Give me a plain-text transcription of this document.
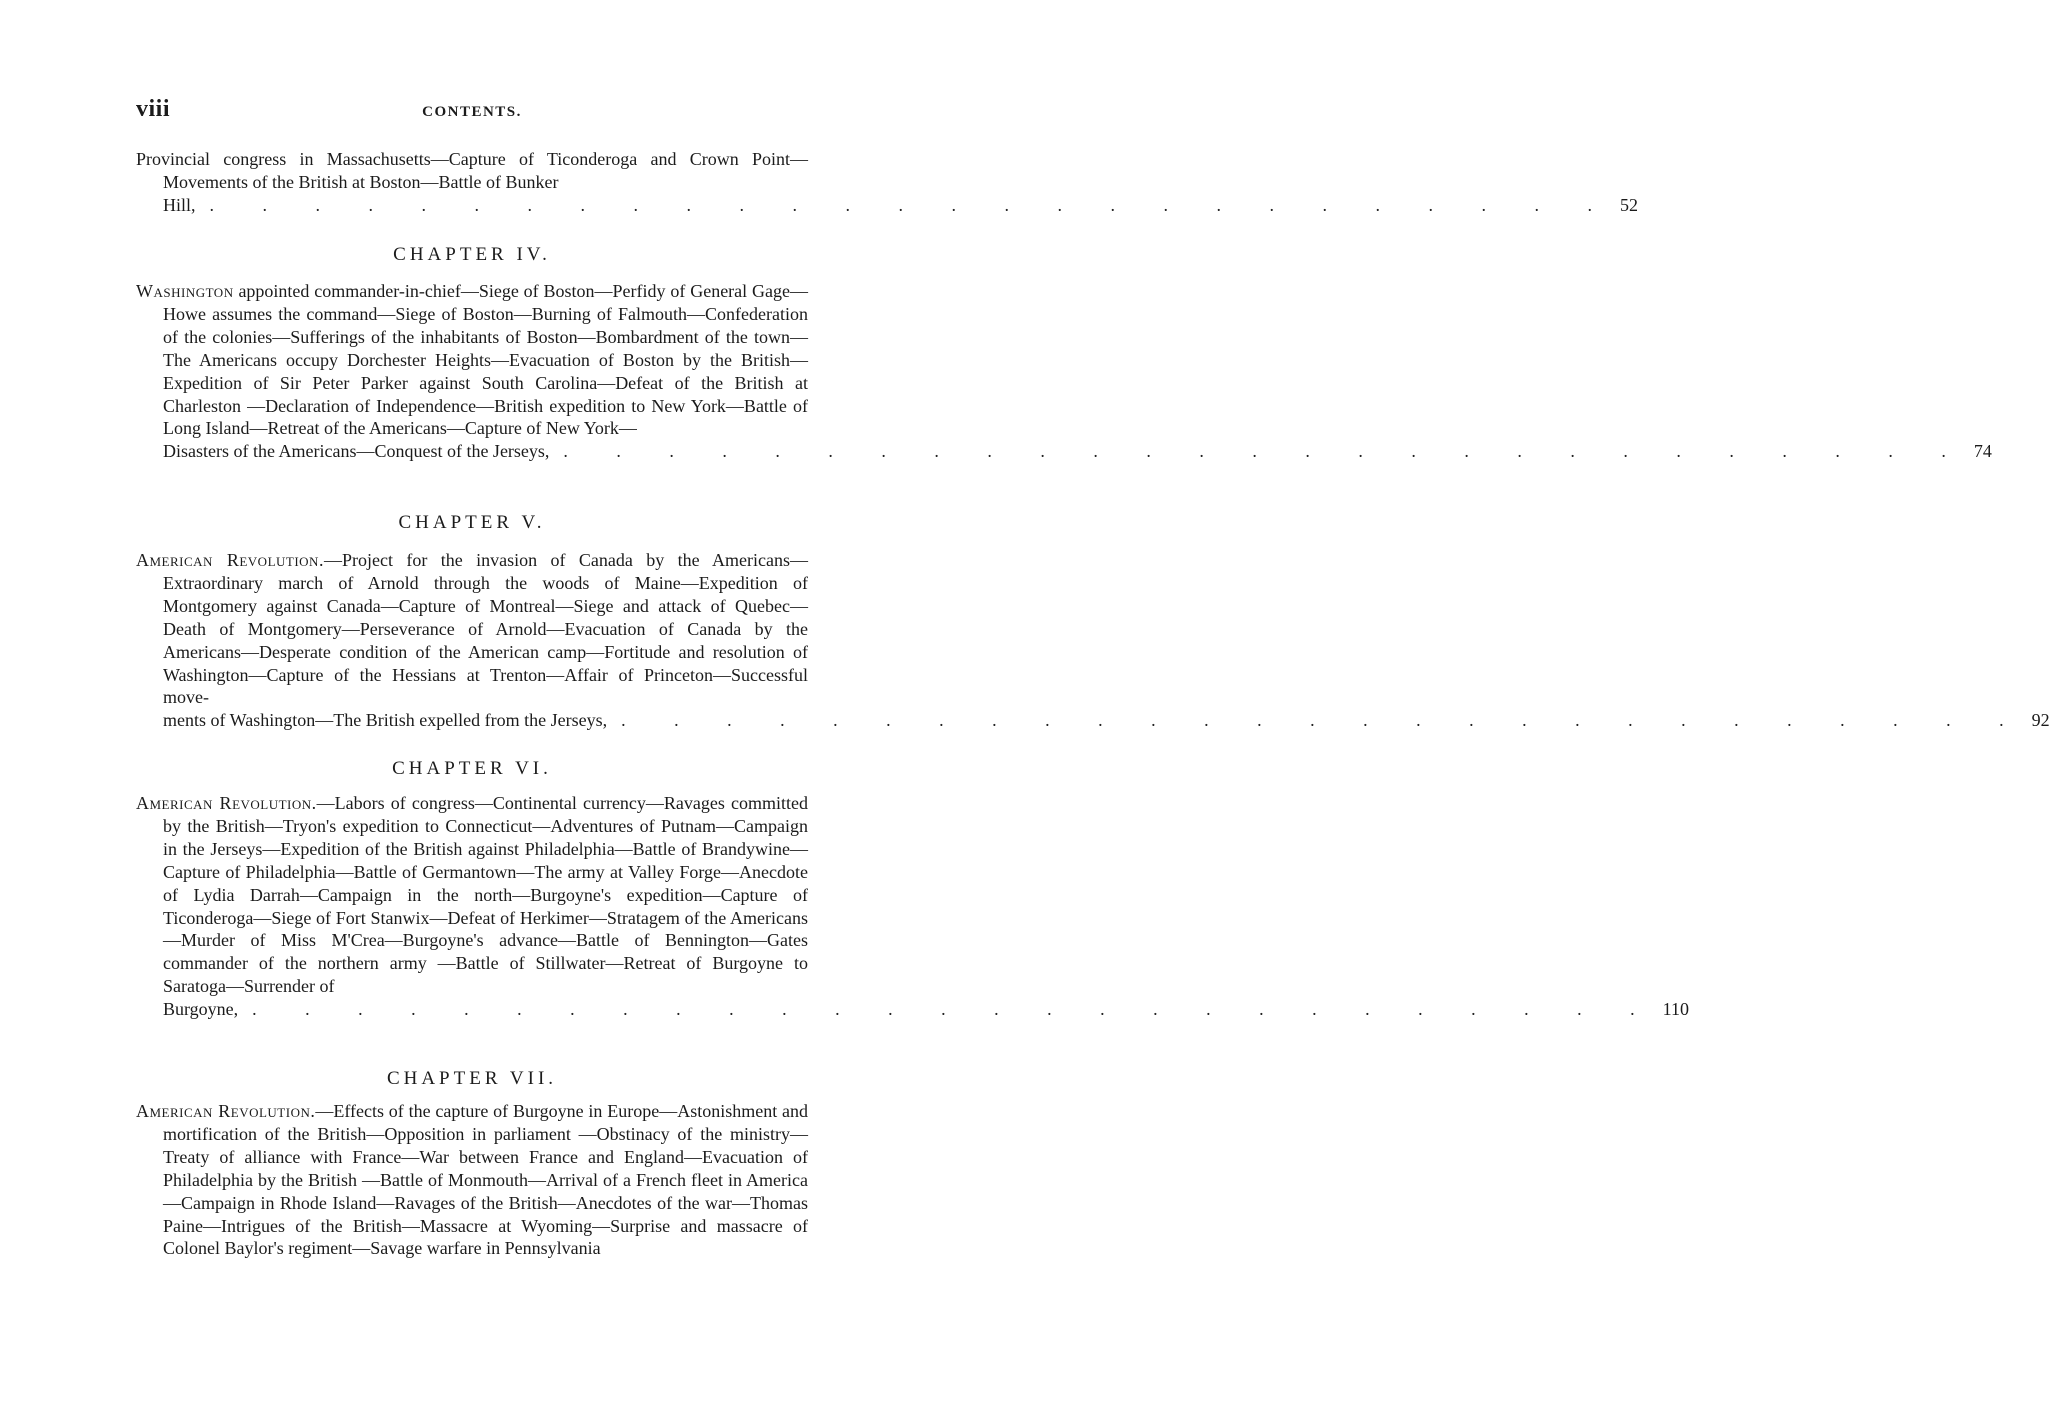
viii	CONTENTS.
Provincial congress in Massachusetts—Capture of Ticonderoga and Crown Point—Movements of the British at Boston—Battle of Bunker
Hill, . . . . . . . . . . . . . . . . . . . . . . . . . . . 52
CHAPTER IV.
Washington appointed commander-in-chief—Siege of Boston—Perfidy of General Gage—Howe assumes the command—Siege of Boston—Burning of Falmouth—Confederation of the colonies—Sufferings of the inhabitants of Boston—Bombardment of the town—The Americans occupy Dorchester Heights—Evacuation of Boston by the British—Expedition of Sir Peter Parker against South Carolina—Defeat of the British at Charleston —Declaration of Independence—British expedition to New York—Battle of Long Island—Retreat of the Americans—Capture of New York—
Disasters of the Americans—Conquest of the Jerseys, . . . . . . . . . . . . . . . . . . . . . . . . . . . 74
CHAPTER V.
American Revolution.—Project for the invasion of Canada by the Americans—Extraordinary march of Arnold through the woods of Maine—Expedition of Montgomery against Canada—Capture of Montreal—Siege and attack of Quebec—Death of Montgomery—Perseverance of Arnold—Evacuation of Canada by the Americans—Desperate condition of the American camp—Fortitude and resolution of Washington—Capture of the Hessians at Trenton—Affair of Princeton—Successful move-
ments of Washington—The British expelled from the Jerseys, . . . . . . . . . . . . . . . . . . . . . . . . . . . 92
CHAPTER VI.
American Revolution.—Labors of congress—Continental currency—Ravages committed by the British—Tryon's expedition to Connecticut—Adventures of Putnam—Campaign in the Jerseys—Expedition of the British against Philadelphia—Battle of Brandywine—Capture of Philadelphia—Battle of Germantown—The army at Valley Forge—Anecdote of Lydia Darrah—Campaign in the north—Burgoyne's expedition—Capture of Ticonderoga—Siege of Fort Stanwix—Defeat of Herkimer—Stratagem of the Americans—Murder of Miss M'Crea—Burgoyne's advance—Battle of Bennington—Gates commander of the northern army —Battle of Stillwater—Retreat of Burgoyne to Saratoga—Surrender of
Burgoyne, . . . . . . . . . . . . . . . . . . . . . . . . . . . 110
CHAPTER VII.
American Revolution.—Effects of the capture of Burgoyne in Europe—Astonishment and mortification of the British—Opposition in parliament —Obstinacy of the ministry—Treaty of alliance with France—War between France and England—Evacuation of Philadelphia by the British —Battle of Monmouth—Arrival of a French fleet in America—Campaign in Rhode Island—Ravages of the British—Anecdotes of the war—Thomas Paine—Intrigues of the British—Massacre at Wyoming—Surprise and massacre of Colonel Baylor's regiment—Savage warfare in Pennsylvania
